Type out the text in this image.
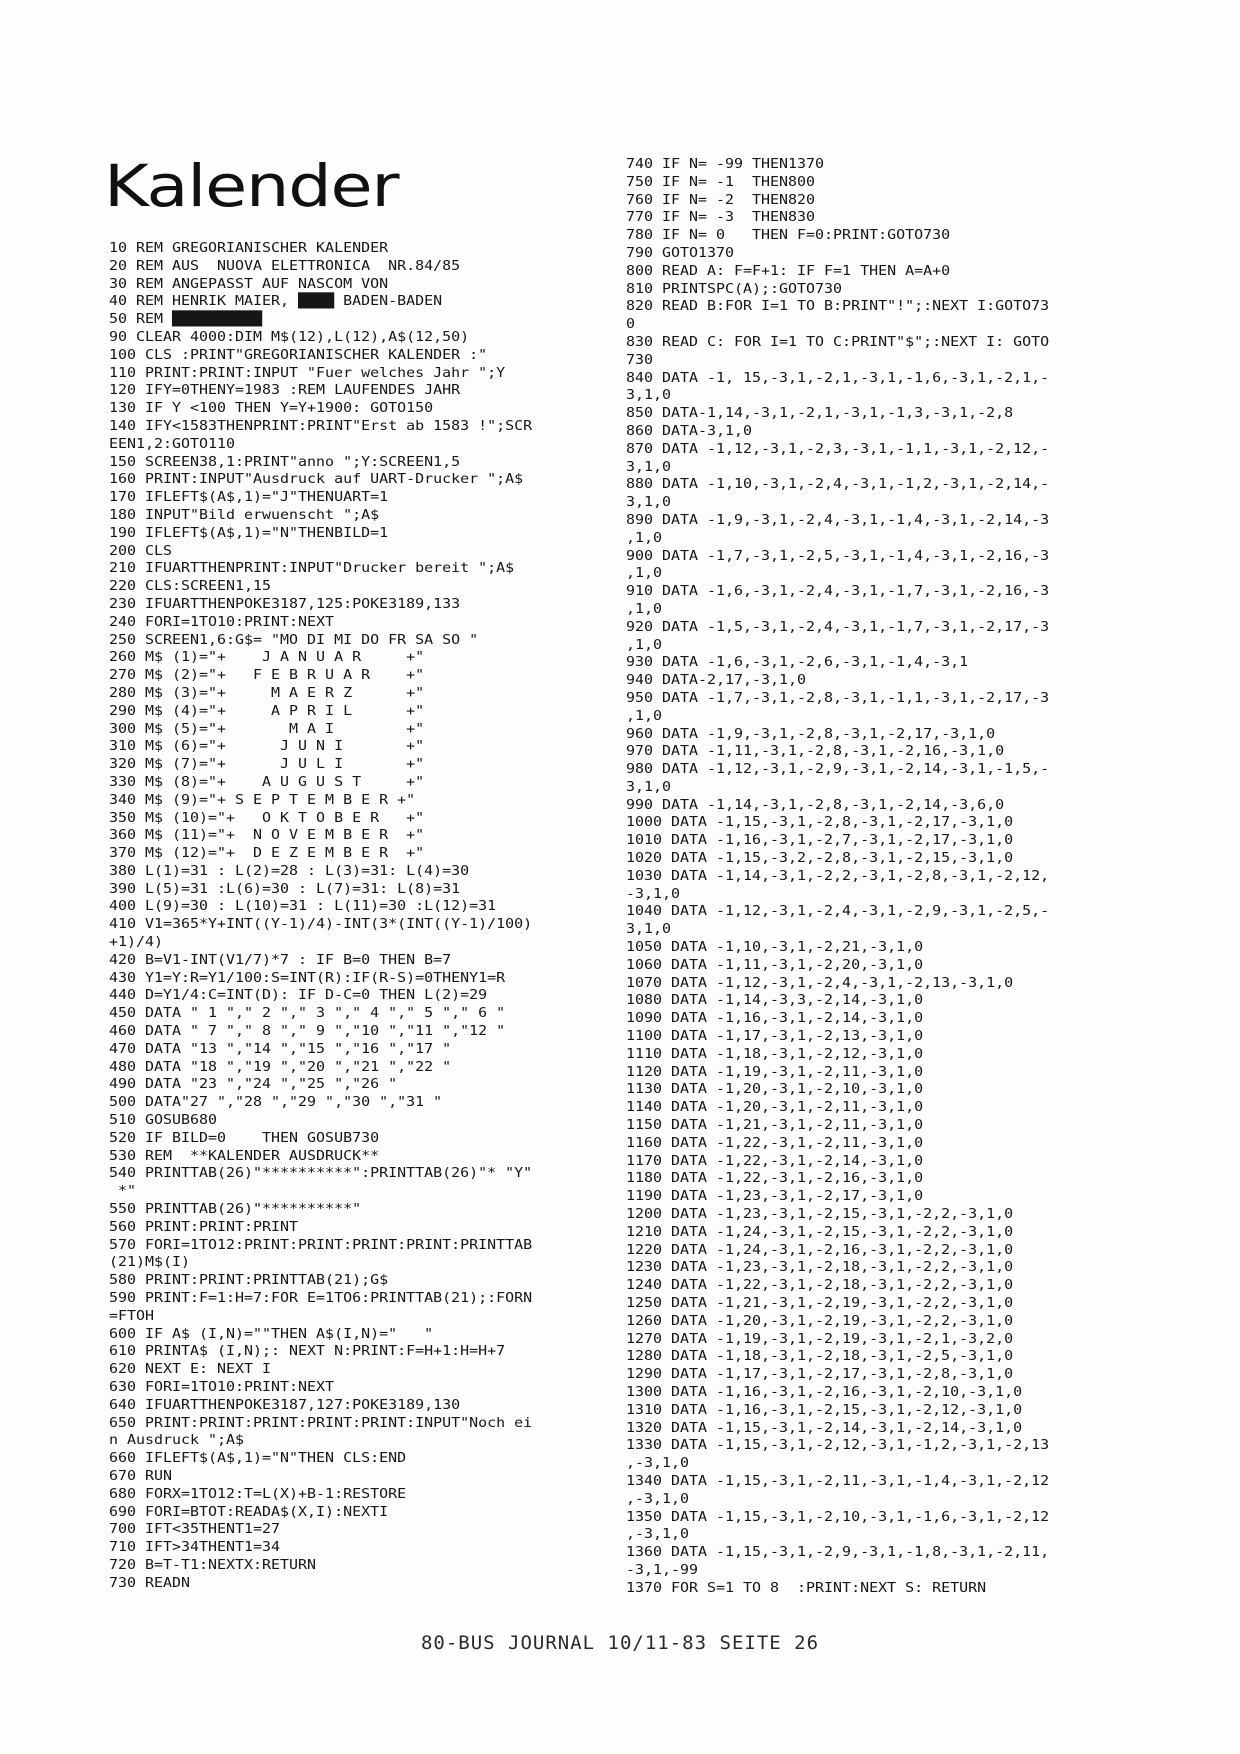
Kalender
10 REM GREGORIANISCHER KALENDER
20 REM AUS  NUOVA ELETTRONICA  NR.84/85
30 REM ANGEPASST AUF NASCOM VON
40 REM HENRIK MAIER, ████ BADEN-BADEN
50 REM ██████████
90 CLEAR 4000:DIM M$(12),L(12),A$(12,50)
100 CLS :PRINT"GREGORIANISCHER KALENDER :"
110 PRINT:PRINT:INPUT "Fuer welches Jahr ";Y
120 IFY=0THENY=1983 :REM LAUFENDES JAHR
130 IF Y <100 THEN Y=Y+1900: GOTO150
140 IFY<1583THENPRINT:PRINT"Erst ab 1583 !";SCR
EEN1,2:GOTO110
150 SCREEN38,1:PRINT"anno ";Y:SCREEN1,5
160 PRINT:INPUT"Ausdruck auf UART-Drucker ";A$
170 IFLEFT$(A$,1)="J"THENUART=1
180 INPUT"Bild erwuenscht ";A$
190 IFLEFT$(A$,1)="N"THENBILD=1
200 CLS
210 IFUARTTHENPRINT:INPUT"Drucker bereit ";A$
220 CLS:SCREEN1,15
230 IFUARTTHENPOKE3187,125:POKE3189,133
240 FORI=1TO10:PRINT:NEXT
250 SCREEN1,6:G$= "MO DI MI DO FR SA SO "
260 M$ (1)="+    J A N U A R     +"
270 M$ (2)="+   F E B R U A R    +"
280 M$ (3)="+     M A E R Z      +"
290 M$ (4)="+     A P R I L      +"
300 M$ (5)="+       M A I        +"
310 M$ (6)="+      J U N I       +"
320 M$ (7)="+      J U L I       +"
330 M$ (8)="+    A U G U S T     +"
340 M$ (9)="+ S E P T E M B E R +"
350 M$ (10)="+   O K T O B E R   +"
360 M$ (11)="+  N O V E M B E R  +"
370 M$ (12)="+  D E Z E M B E R  +"
380 L(1)=31 : L(2)=28 : L(3)=31: L(4)=30
390 L(5)=31 :L(6)=30 : L(7)=31: L(8)=31
400 L(9)=30 : L(10)=31 : L(11)=30 :L(12)=31
410 V1=365*Y+INT((Y-1)/4)-INT(3*(INT((Y-1)/100)
+1)/4)
420 B=V1-INT(V1/7)*7 : IF B=0 THEN B=7
430 Y1=Y:R=Y1/100:S=INT(R):IF(R-S)=0THENY1=R
440 D=Y1/4:C=INT(D): IF D-C=0 THEN L(2)=29
450 DATA " 1 "," 2 "," 3 "," 4 "," 5 "," 6 "
460 DATA " 7 "," 8 "," 9 ","10 ","11 ","12 "
470 DATA "13 ","14 ","15 ","16 ","17 "
480 DATA "18 ","19 ","20 ","21 ","22 "
490 DATA "23 ","24 ","25 ","26 "
500 DATA"27 ","28 ","29 ","30 ","31 "
510 GOSUB680
520 IF BILD=0    THEN GOSUB730
530 REM  **KALENDER AUSDRUCK**
540 PRINTTAB(26)"**********":PRINTTAB(26)"* "Y"
*"
550 PRINTTAB(26)"**********"
560 PRINT:PRINT:PRINT
570 FORI=1TO12:PRINT:PRINT:PRINT:PRINT:PRINTTAB
(21)M$(I)
580 PRINT:PRINT:PRINTTAB(21);G$
590 PRINT:F=1:H=7:FOR E=1TO6:PRINTTAB(21);:FORN
=FTOH
600 IF A$ (I,N)=""THEN A$(I,N)="   "
610 PRINTA$ (I,N);: NEXT N:PRINT:F=H+1:H=H+7
620 NEXT E: NEXT I
630 FORI=1TO10:PRINT:NEXT
640 IFUARTTHENPOKE3187,127:POKE3189,130
650 PRINT:PRINT:PRINT:PRINT:PRINT:INPUT"Noch ei
n Ausdruck ";A$
660 IFLEFT$(A$,1)="N"THEN CLS:END
670 RUN
680 FORX=1TO12:T=L(X)+B-1:RESTORE
690 FORI=BTOT:READA$(X,I):NEXTI
700 IFT<35THENT1=27
710 IFT>34THENT1=34
720 B=T-T1:NEXTX:RETURN
730 READN
740 IF N= -99 THEN1370
750 IF N= -1  THEN800
760 IF N= -2  THEN820
770 IF N= -3  THEN830
780 IF N= 0   THEN F=0:PRINT:GOTO730
790 GOTO1370
800 READ A: F=F+1: IF F=1 THEN A=A+0
810 PRINTSPC(A);:GOTO730
820 READ B:FOR I=1 TO B:PRINT"!";:NEXT I:GOTO73
0
830 READ C: FOR I=1 TO C:PRINT"$";:NEXT I: GOTO
730
840 DATA -1, 15,-3,1,-2,1,-3,1,-1,6,-3,1,-2,1,-
3,1,0
850 DATA-1,14,-3,1,-2,1,-3,1,-1,3,-3,1,-2,8
860 DATA-3,1,0
870 DATA -1,12,-3,1,-2,3,-3,1,-1,1,-3,1,-2,12,-
3,1,0
880 DATA -1,10,-3,1,-2,4,-3,1,-1,2,-3,1,-2,14,-
3,1,0
890 DATA -1,9,-3,1,-2,4,-3,1,-1,4,-3,1,-2,14,-3
,1,0
900 DATA -1,7,-3,1,-2,5,-3,1,-1,4,-3,1,-2,16,-3
,1,0
910 DATA -1,6,-3,1,-2,4,-3,1,-1,7,-3,1,-2,16,-3
,1,0
920 DATA -1,5,-3,1,-2,4,-3,1,-1,7,-3,1,-2,17,-3
,1,0
930 DATA -1,6,-3,1,-2,6,-3,1,-1,4,-3,1
940 DATA-2,17,-3,1,0
950 DATA -1,7,-3,1,-2,8,-3,1,-1,1,-3,1,-2,17,-3
,1,0
960 DATA -1,9,-3,1,-2,8,-3,1,-2,17,-3,1,0
970 DATA -1,11,-3,1,-2,8,-3,1,-2,16,-3,1,0
980 DATA -1,12,-3,1,-2,9,-3,1,-2,14,-3,1,-1,5,-
3,1,0
990 DATA -1,14,-3,1,-2,8,-3,1,-2,14,-3,6,0
1000 DATA -1,15,-3,1,-2,8,-3,1,-2,17,-3,1,0
1010 DATA -1,16,-3,1,-2,7,-3,1,-2,17,-3,1,0
1020 DATA -1,15,-3,2,-2,8,-3,1,-2,15,-3,1,0
1030 DATA -1,14,-3,1,-2,2,-3,1,-2,8,-3,1,-2,12,
-3,1,0
1040 DATA -1,12,-3,1,-2,4,-3,1,-2,9,-3,1,-2,5,-
3,1,0
1050 DATA -1,10,-3,1,-2,21,-3,1,0
1060 DATA -1,11,-3,1,-2,20,-3,1,0
1070 DATA -1,12,-3,1,-2,4,-3,1,-2,13,-3,1,0
1080 DATA -1,14,-3,3,-2,14,-3,1,0
1090 DATA -1,16,-3,1,-2,14,-3,1,0
1100 DATA -1,17,-3,1,-2,13,-3,1,0
1110 DATA -1,18,-3,1,-2,12,-3,1,0
1120 DATA -1,19,-3,1,-2,11,-3,1,0
1130 DATA -1,20,-3,1,-2,10,-3,1,0
1140 DATA -1,20,-3,1,-2,11,-3,1,0
1150 DATA -1,21,-3,1,-2,11,-3,1,0
1160 DATA -1,22,-3,1,-2,11,-3,1,0
1170 DATA -1,22,-3,1,-2,14,-3,1,0
1180 DATA -1,22,-3,1,-2,16,-3,1,0
1190 DATA -1,23,-3,1,-2,17,-3,1,0
1200 DATA -1,23,-3,1,-2,15,-3,1,-2,2,-3,1,0
1210 DATA -1,24,-3,1,-2,15,-3,1,-2,2,-3,1,0
1220 DATA -1,24,-3,1,-2,16,-3,1,-2,2,-3,1,0
1230 DATA -1,23,-3,1,-2,18,-3,1,-2,2,-3,1,0
1240 DATA -1,22,-3,1,-2,18,-3,1,-2,2,-3,1,0
1250 DATA -1,21,-3,1,-2,19,-3,1,-2,2,-3,1,0
1260 DATA -1,20,-3,1,-2,19,-3,1,-2,2,-3,1,0
1270 DATA -1,19,-3,1,-2,19,-3,1,-2,1,-3,2,0
1280 DATA -1,18,-3,1,-2,18,-3,1,-2,5,-3,1,0
1290 DATA -1,17,-3,1,-2,17,-3,1,-2,8,-3,1,0
1300 DATA -1,16,-3,1,-2,16,-3,1,-2,10,-3,1,0
1310 DATA -1,16,-3,1,-2,15,-3,1,-2,12,-3,1,0
1320 DATA -1,15,-3,1,-2,14,-3,1,-2,14,-3,1,0
1330 DATA -1,15,-3,1,-2,12,-3,1,-1,2,-3,1,-2,13
,-3,1,0
1340 DATA -1,15,-3,1,-2,11,-3,1,-1,4,-3,1,-2,12
,-3,1,0
1350 DATA -1,15,-3,1,-2,10,-3,1,-1,6,-3,1,-2,12
,-3,1,0
1360 DATA -1,15,-3,1,-2,9,-3,1,-1,8,-3,1,-2,11,
-3,1,-99
1370 FOR S=1 TO 8  :PRINT:NEXT S: RETURN
80-BUS JOURNAL 10/11-83 SEITE 26
